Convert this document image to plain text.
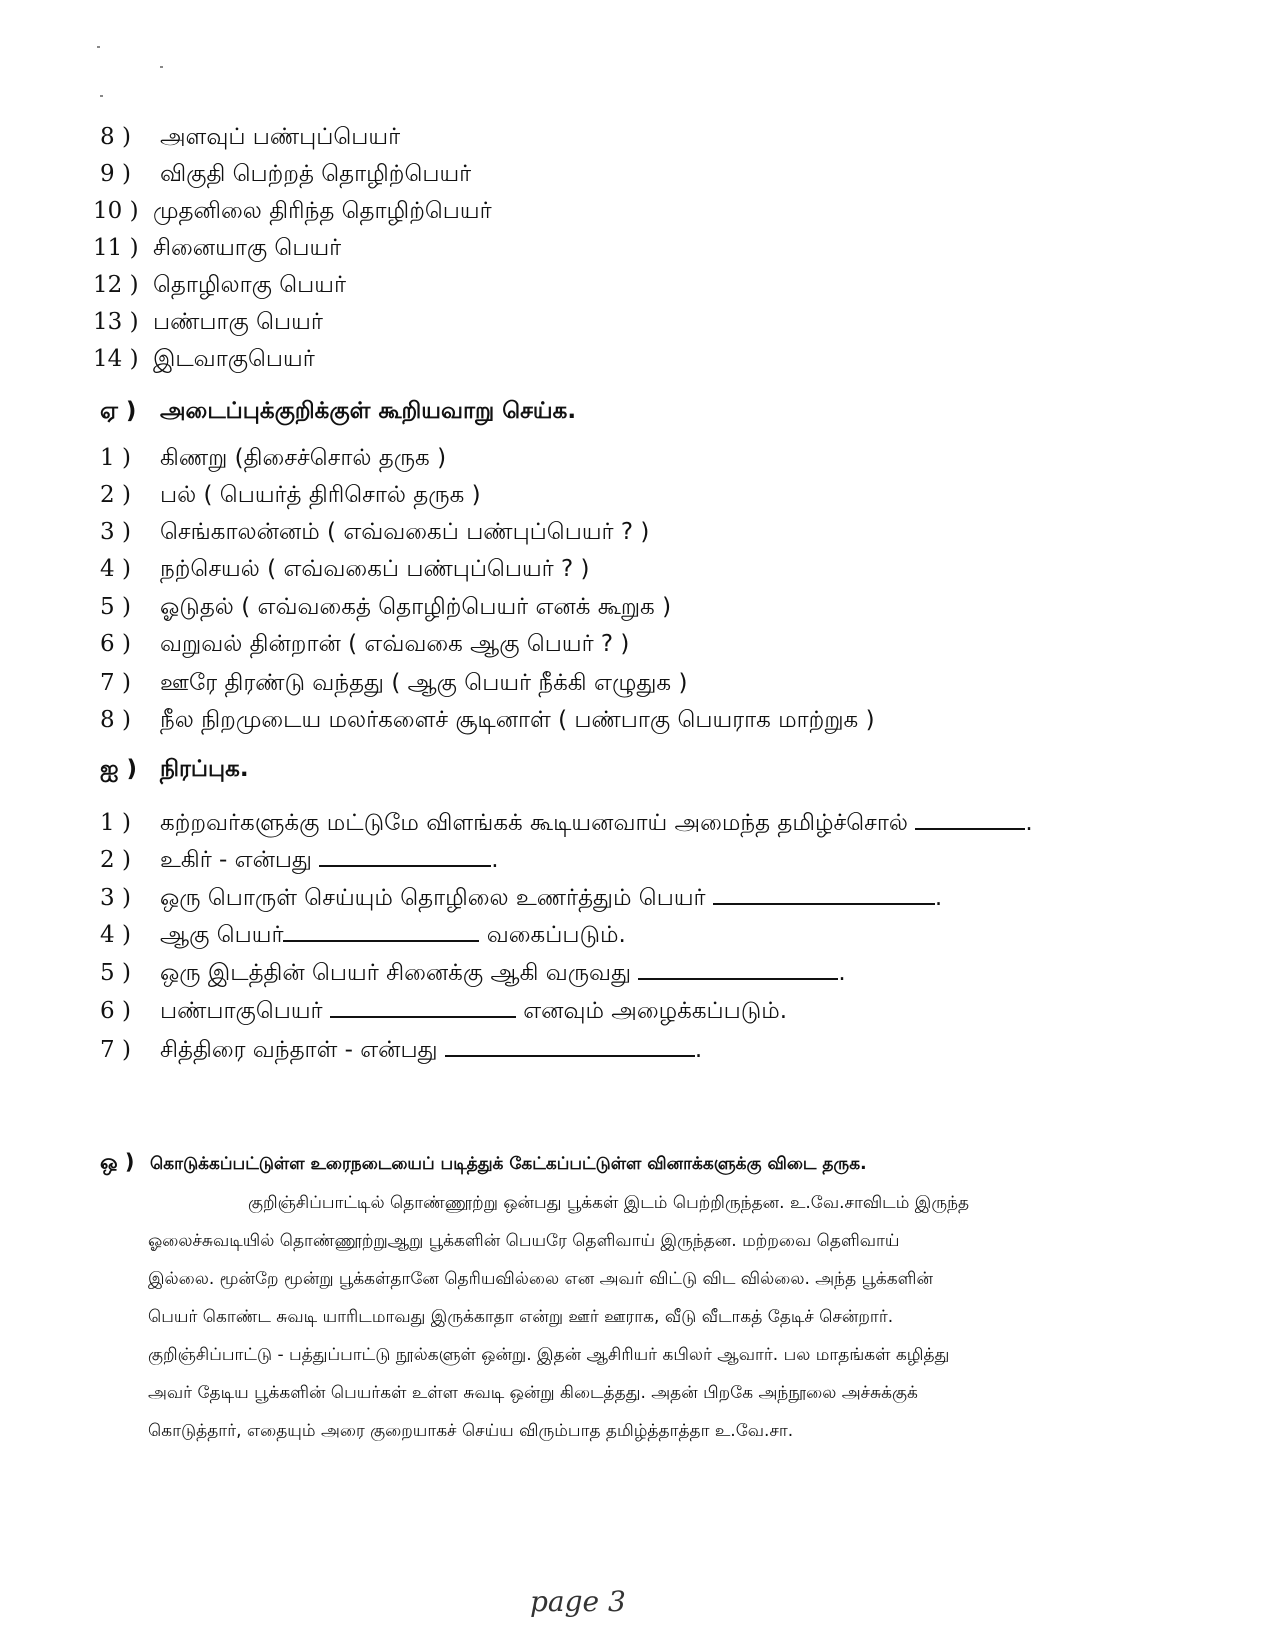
8 ) அளவுப் பண்புப்பெயர்
9 ) விகுதி பெற்றத் தொழிற்பெயர்
10 ) முதனிலை திரிந்த தொழிற்பெயர்
11 ) சினையாகு பெயர்
12 ) தொழிலாகு பெயர்
13 ) பண்பாகு பெயர்
14 ) இடவாகுபெயர்
ஏ ) அடைப்புக்குறிக்குள் கூறியவாறு செய்க.
1 ) கிணறு (திசைச்சொல் தருக )
2 ) பல் ( பெயர்த் திரிசொல் தருக )
3 ) செங்காலன்னம் ( எவ்வகைப் பண்புப்பெயர் ? )
4 ) நற்செயல் ( எவ்வகைப் பண்புப்பெயர் ? )
5 ) ஓடுதல் ( எவ்வகைத் தொழிற்பெயர் எனக் கூறுக )
6 ) வறுவல் தின்றான் ( எவ்வகை ஆகு பெயர் ? )
7 ) ஊரே திரண்டு வந்தது ( ஆகு பெயர் நீக்கி எழுதுக )
8 ) நீல நிறமுடைய மலர்களைச் சூடினாள் ( பண்பாகு பெயராக மாற்றுக )
ஐ ) நிரப்புக.
1 ) கற்றவர்களுக்கு மட்டுமே விளங்கக் கூடியனவாய் அமைந்த தமிழ்ச்சொல்	.
2 ) உகிர் - என்பது	.
3 ) ஒரு பொருள் செய்யும் தொழிலை உணர்த்தும் பெயர்	.
4 ) ஆகு பெயர்	வகைப்படும்.
5 ) ஒரு இடத்தின் பெயர் சினைக்கு ஆகி வருவது	.
6 ) பண்பாகுபெயர்	எனவும் அழைக்கப்படும்.
7 ) சித்திரை வந்தாள் - என்பது	.
ஒ ) கொடுக்கப்பட்டுள்ள உரைநடையைப் படித்துக் கேட்கப்பட்டுள்ள வினாக்களுக்கு விடை தருக.
குறிஞ்சிப்பாட்டில் தொண்ணூற்று ஒன்பது பூக்கள் இடம் பெற்றிருந்தன. உ.வே.சாவிடம் இருந்த
ஓலைச்சுவடியில் தொண்ணூற்றுஆறு பூக்களின் பெயரே தெளிவாய் இருந்தன. மற்றவை தெளிவாய்
இல்லை. மூன்றே மூன்று பூக்கள்தானே தெரியவில்லை என அவர் விட்டு விட வில்லை. அந்த பூக்களின்
பெயர் கொண்ட சுவடி யாரிடமாவது இருக்காதா என்று ஊர் ஊராக, வீடு வீடாகத் தேடிச் சென்றார்.
குறிஞ்சிப்பாட்டு - பத்துப்பாட்டு நூல்களுள் ஒன்று. இதன் ஆசிரியர் கபிலர் ஆவார். பல மாதங்கள் கழித்து
அவர் தேடிய பூக்களின் பெயர்கள் உள்ள சுவடி ஒன்று கிடைத்தது. அதன் பிறகே அந்நூலை அச்சுக்குக்
கொடுத்தார், எதையும் அரை குறையாகச் செய்ய விரும்பாத தமிழ்த்தாத்தா உ.வே.சா.
page 3
